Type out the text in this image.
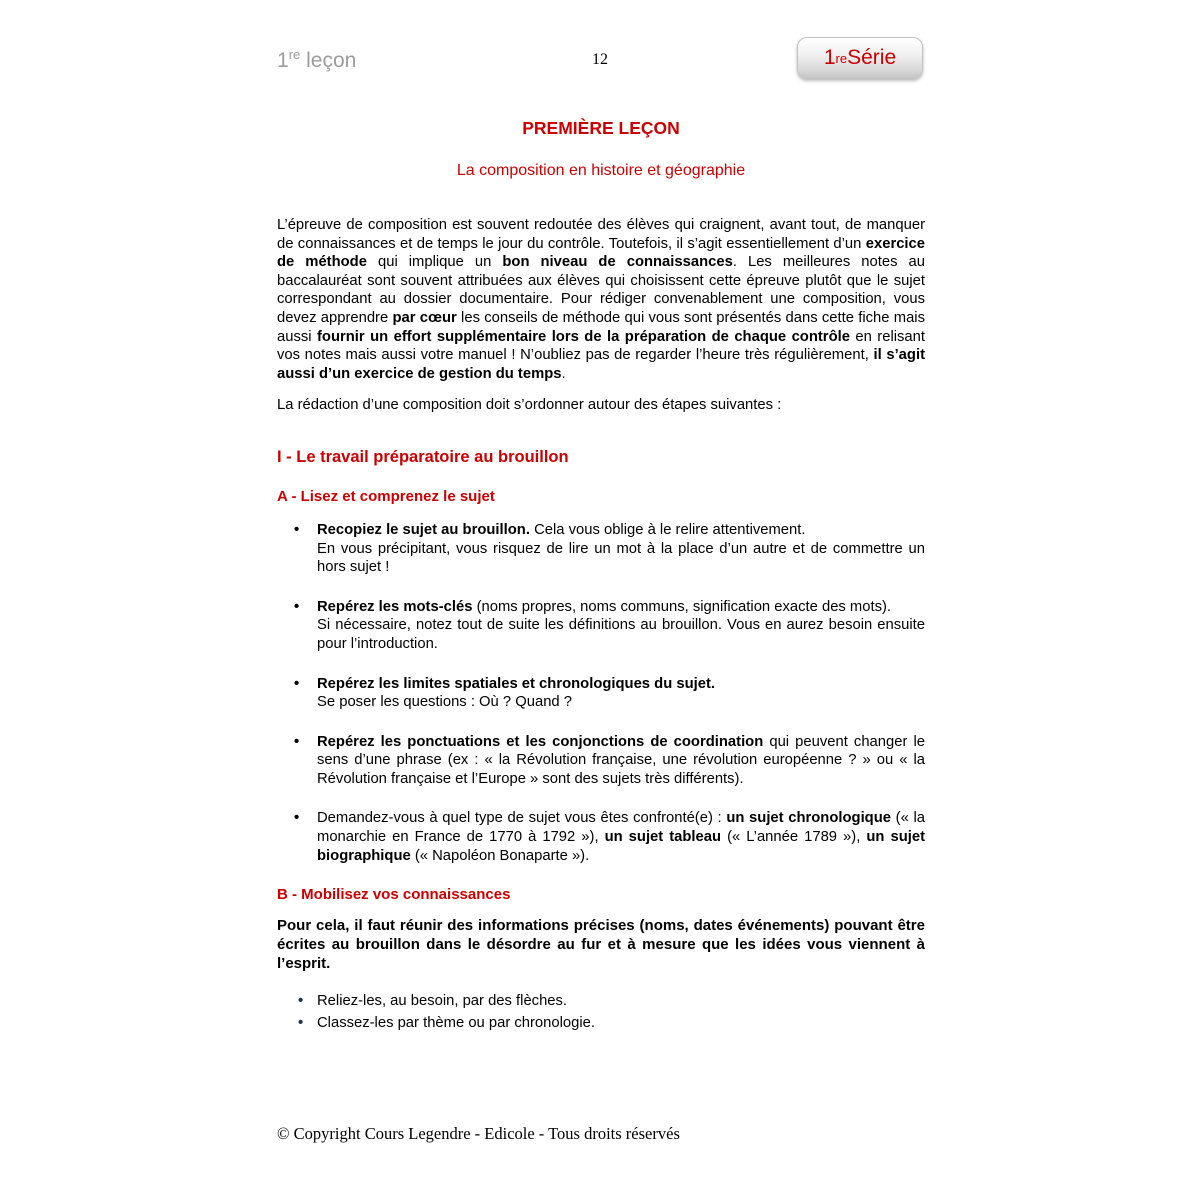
1re leçon	12	1 re Série
PREMIÈRE LEÇON
La composition en histoire et géographie

L’épreuve de composition est souvent redoutée des élèves qui craignent, avant tout, de manquer de connaissances et de temps le jour du contrôle. Toutefois, il s’agit essentiellement d’un exercice de méthode qui implique un bon niveau de connaissances. Les meilleures notes au baccalauréat sont souvent attribuées aux élèves qui choisissent cette épreuve plutôt que le sujet correspondant au dossier documentaire. Pour rédiger convenablement une composition, vous devez apprendre par cœur les conseils de méthode qui vous sont présentés dans cette fiche mais aussi fournir un effort supplémentaire lors de la préparation de chaque contrôle en relisant vos notes mais aussi votre manuel ! N’oubliez pas de regarder l’heure très régulièrement, il s’agit aussi d’un exercice de gestion du temps.

La rédaction d’une composition doit s’ordonner autour des étapes suivantes :

I - Le travail préparatoire au brouillon
A - Lisez et comprenez le sujet
• Recopiez le sujet au brouillon. Cela vous oblige à le relire attentivement.
En vous précipitant, vous risquez de lire un mot à la place d’un autre et de commettre un hors sujet !
• Repérez les mots-clés (noms propres, noms communs, signification exacte des mots).
Si nécessaire, notez tout de suite les définitions au brouillon. Vous en aurez besoin ensuite pour l’introduction.
• Repérez les limites spatiales et chronologiques du sujet.
Se poser les questions : Où ? Quand ?
• Repérez les ponctuations et les conjonctions de coordination qui peuvent changer le sens d’une phrase (ex : « la Révolution française, une révolution européenne ? » ou « la Révolution française et l’Europe » sont des sujets très différents).
• Demandez-vous à quel type de sujet vous êtes confronté(e) : un sujet chronologique (« la monarchie en France de 1770 à 1792 »), un sujet tableau (« L’année 1789 »), un sujet biographique (« Napoléon Bonaparte »).
B - Mobilisez vos connaissances

Pour cela, il faut réunir des informations précises (noms, dates événements) pouvant être écrites au brouillon dans le désordre au fur et à mesure que les idées vous viennent à l’esprit.

• Reliez-les, au besoin, par des flèches.
• Classez-les par thème ou par chronologie.
© Copyright Cours Legendre - Edicole - Tous droits réservés
